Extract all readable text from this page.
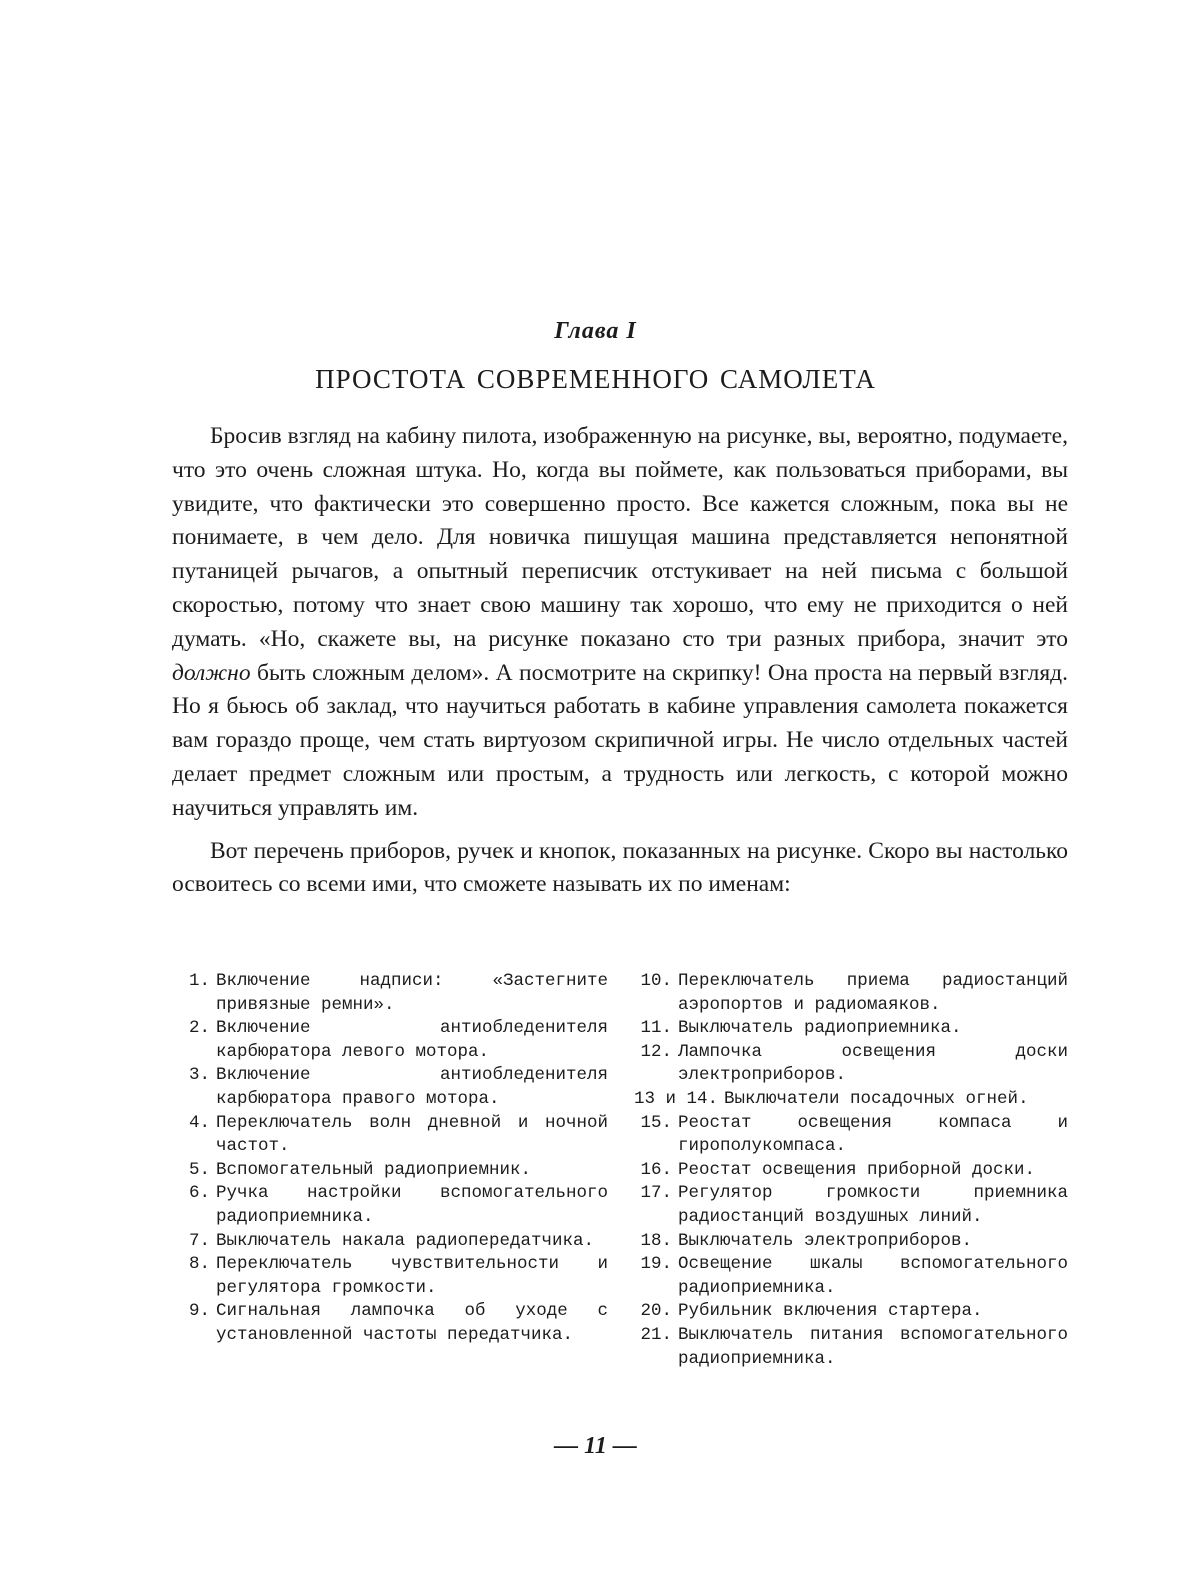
Глава I
ПРОСТОТА СОВРЕМЕННОГО САМОЛЕТА

Бросив взгляд на кабину пилота, изображенную на рисунке, вы, вероятно, подумаете, что это очень сложная штука. Но, когда вы поймете, как пользоваться приборами, вы увидите, что фактически это совершенно просто. Все кажется сложным, пока вы не понимаете, в чем дело. Для новичка пишущая машина представляется непонятной путаницей рычагов, а опытный переписчик отстукивает на ней письма с большой скоростью, потому что знает свою машину так хорошо, что ему не приходится о ней думать. «Но, скажете вы, на рисунке показано сто три разных прибора, значит это должно быть сложным делом». А посмотрите на скрипку! Она проста на первый взгляд. Но я бьюсь об заклад, что научиться работать в кабине управления самолета покажется вам гораздо проще, чем стать виртуозом скрипичной игры. Не число отдельных частей делает предмет сложным или простым, а трудность или легкость, с которой можно научиться управлять им.

Вот перечень приборов, ручек и кнопок, показанных на рисунке. Скоро вы настолько освоитесь со всеми ими, что сможете называть их по именам:

1. Включение надписи: «Застегните привязные ремни».
2. Включение антиобледенителя карбюратора левого мотора.
3. Включение антиобледенителя карбюратора правого мотора.
4. Переключатель волн дневной и ночной частот.
5. Вспомогательный радиоприемник.
6. Ручка настройки вспомогательного радиоприемника.
7. Выключатель накала радиопередатчика.
8. Переключатель чувствительности и регулятора громкости.
9. Сигнальная лампочка об уходе с установленной частоты передатчика.
10. Переключатель приема радиостанций аэропортов и радиомаяков.
11. Выключатель радиоприемника.
12. Лампочка освещения доски электроприборов.
13 и 14. Выключатели посадочных огней.
15. Реостат освещения компаса и гирополукомпаса.
16. Реостат освещения приборной доски.
17. Регулятор громкости приемника радиостанций воздушных линий.
18. Выключатель электроприборов.
19. Освещение шкалы вспомогательного радиоприемника.
20. Рубильник включения стартера.
21. Выключатель питания вспомогательного радиоприемника.
— 11 —
